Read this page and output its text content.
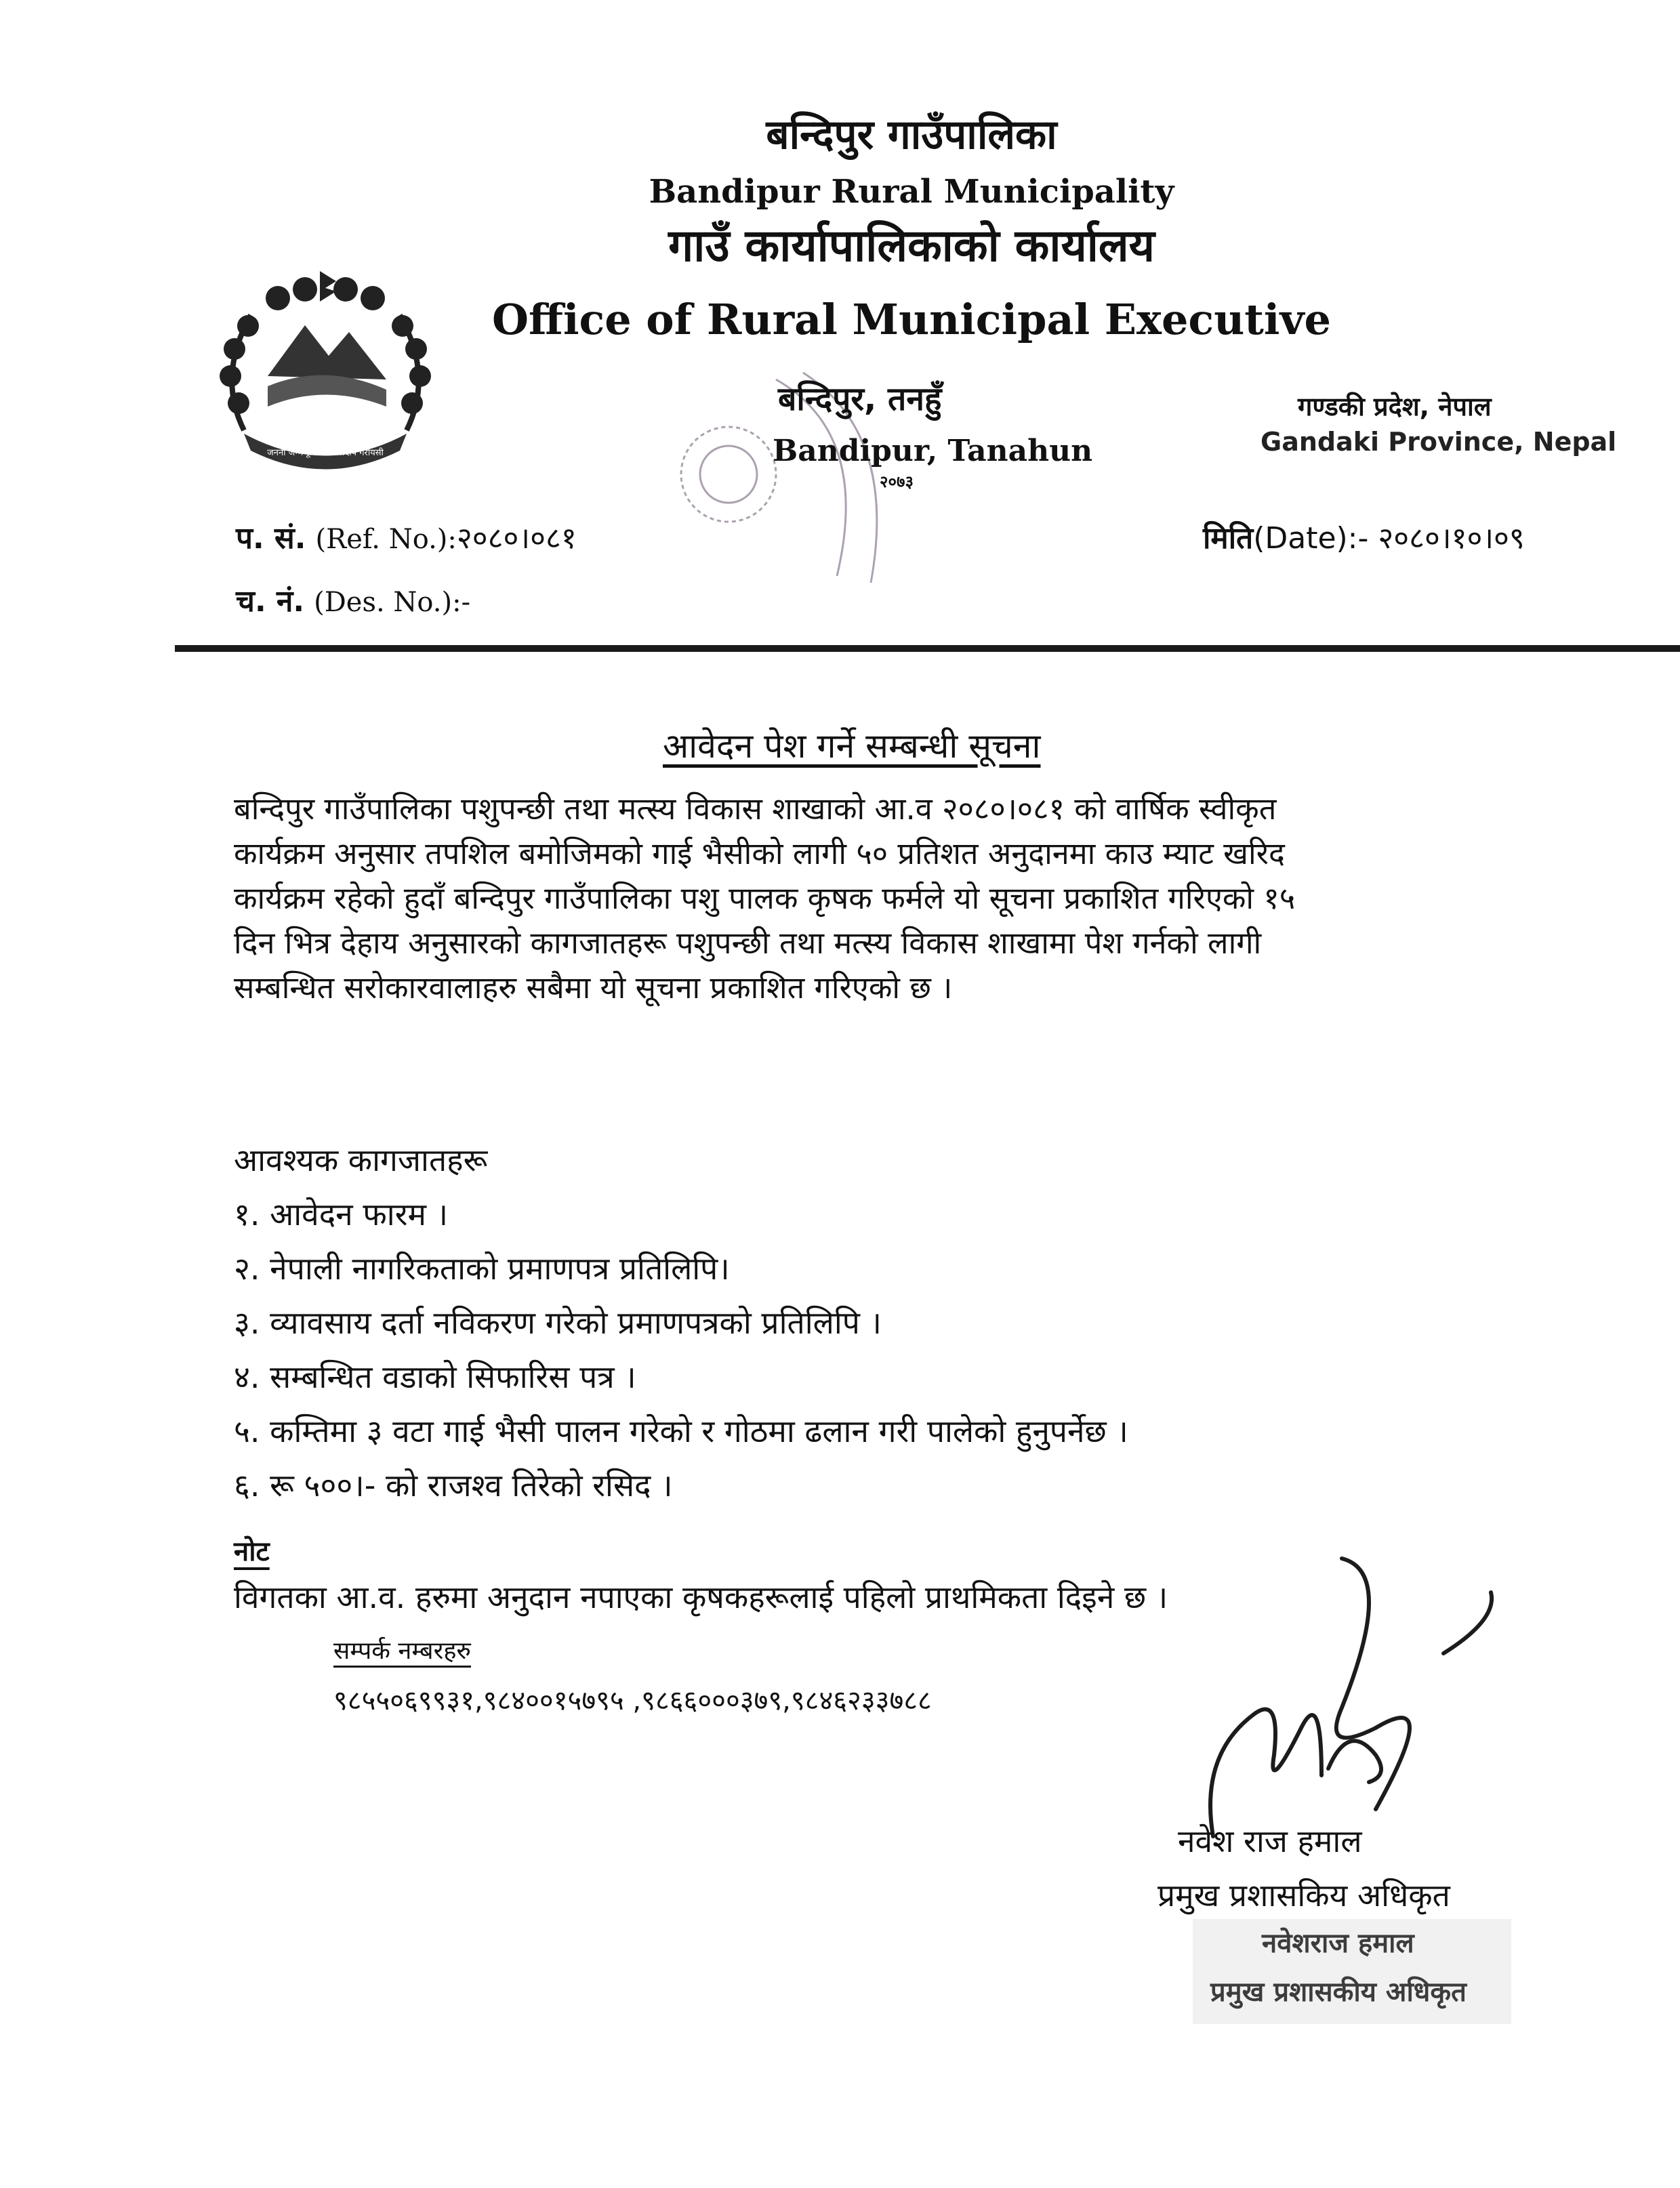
जननी जन्मभूमिश्च स्वर्गादपि गरीयसी
बन्दिपुर गाउँपालिका
Bandipur Rural Municipality
गाउँ कार्यापालिकाको कार्यालय
Office of Rural Municipal Executive
बन्दिपुर, तनहुँ
Bandipur, Tanahun
२०७३
गण्डकी प्रदेश, नेपाल
Gandaki Province, Nepal
प. सं. (Ref. No.):२०८०।०८१
च. नं. (Des. No.):-
मिति(Date):- २०८०।१०।०९
आवेदन पेश गर्ने सम्बन्धी सूचना
बन्दिपुर गाउँपालिका पशुपन्छी तथा मत्स्य विकास शाखाको आ.व २०८०।०८१ को वार्षिक स्वीकृत
कार्यक्रम अनुसार तपशिल बमोजिमको गाई भैसीको लागी ५० प्रतिशत अनुदानमा काउ म्याट खरिद
कार्यक्रम रहेको हुदाँ बन्दिपुर गाउँपालिका पशु पालक कृषक फर्मले यो सूचना प्रकाशित गरिएको १५
दिन भित्र देहाय अनुसारको कागजातहरू पशुपन्छी तथा मत्स्य विकास शाखामा पेश गर्नको लागी
सम्बन्धित सरोकारवालाहरु सबैमा यो सूचना प्रकाशित गरिएको छ ।
आवश्यक कागजातहरू
१. आवेदन फारम ।
२. नेपाली नागरिकताको प्रमाणपत्र प्रतिलिपि।
३. व्यावसाय दर्ता नविकरण गरेको प्रमाणपत्रको प्रतिलिपि ।
४. सम्बन्धित वडाको सिफारिस पत्र ।
५. कम्तिमा ३ वटा गाई भैसी पालन गरेको र गोठमा ढलान गरी पालेको हुनुपर्नेछ ।
६. रू ५००।- को राजश्व तिरेको रसिद ।
नोट
विगतका आ.व. हरुमा अनुदान नपाएका कृषकहरूलाई पहिलो प्राथमिकता दिइने छ ।
सम्पर्क नम्बरहरु
९८५५०६९९३१,९८४००१५७९५ ,९८६६०००३७९,९८४६२३३७८८
नवेश राज हमाल
प्रमुख प्रशासकिय अधिकृत
नवेशराज हमाल
प्रमुख प्रशासकीय अधिकृत
